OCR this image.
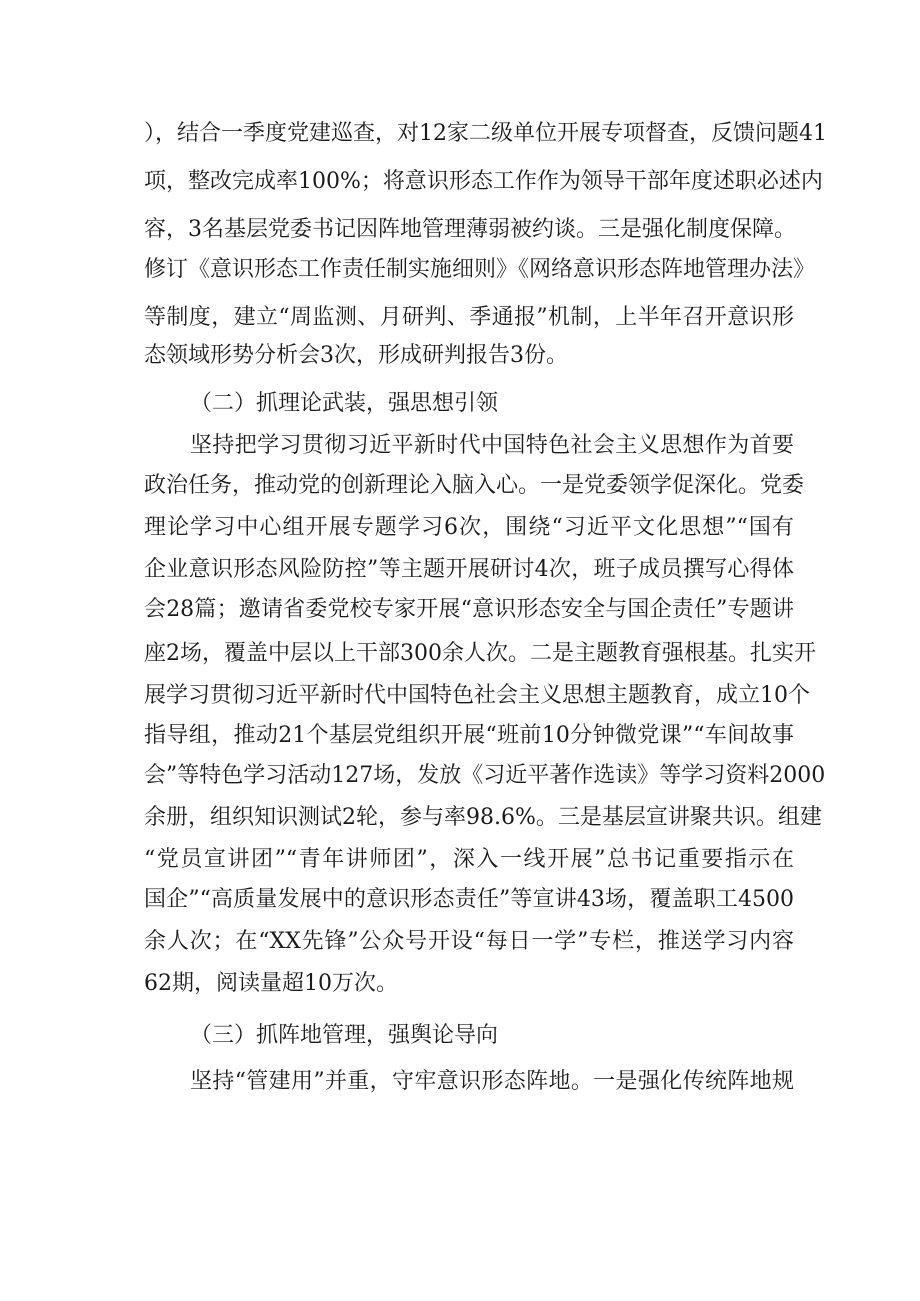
），结合一季度党建巡查，对12家二级单位开展专项督查，反馈问题41
项，整改完成率100%；将意识形态工作作为领导干部年度述职必述内
容，3名基层党委书记因阵地管理薄弱被约谈。三是强化制度保障。
修订《意识形态工作责任制实施细则》《网络意识形态阵地管理办法》
等制度，建立“周监测、月研判、季通报”机制，上半年召开意识形
态领域形势分析会3次，形成研判报告3份。
（二）抓理论武装，强思想引领
坚持把学习贯彻习近平新时代中国特色社会主义思想作为首要
政治任务，推动党的创新理论入脑入心。一是党委领学促深化。党委
理论学习中心组开展专题学习6次，围绕“习近平文化思想”“国有
企业意识形态风险防控”等主题开展研讨4次，班子成员撰写心得体
会28篇；邀请省委党校专家开展“意识形态安全与国企责任”专题讲
座2场，覆盖中层以上干部300余人次。二是主题教育强根基。扎实开
展学习贯彻习近平新时代中国特色社会主义思想主题教育，成立10个
指导组，推动21个基层党组织开展“班前10分钟微党课”“车间故事
会”等特色学习活动127场，发放《习近平著作选读》等学习资料2000
余册，组织知识测试2轮，参与率98.6%。三是基层宣讲聚共识。组建
“党员宣讲团”“青年讲师团”，深入一线开展”总书记重要指示在
国企”“高质量发展中的意识形态责任”等宣讲43场，覆盖职工4500
余人次；在“XX先锋”公众号开设“每日一学”专栏，推送学习内容
62期，阅读量超10万次。
（三）抓阵地管理，强舆论导向
坚持“管建用”并重，守牢意识形态阵地。一是强化传统阵地规
